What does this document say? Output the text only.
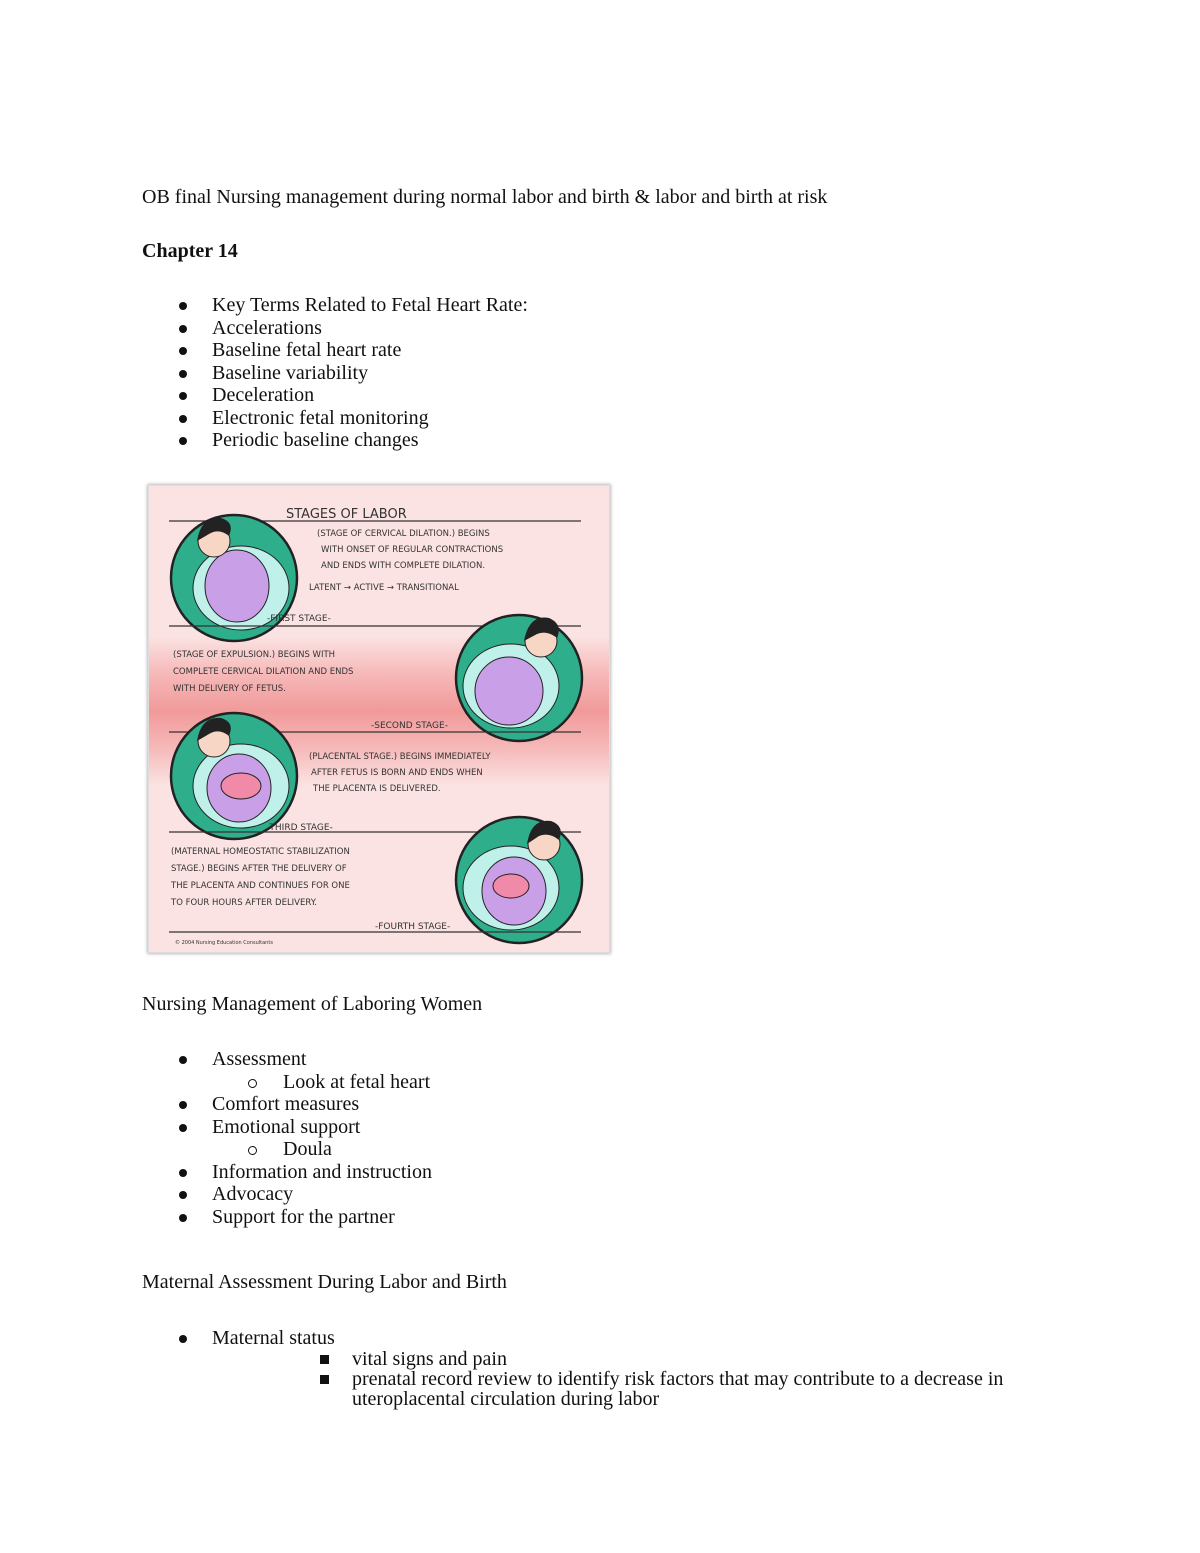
OB final Nursing management during normal labor and birth & labor and birth at risk
Chapter 14
Key Terms Related to Fetal Heart Rate:
Accelerations
Baseline fetal heart rate
Baseline variability
Deceleration
Electronic fetal monitoring
Periodic baseline changes
STAGES OF LABOR
(STAGE OF CERVICAL DILATION.) BEGINS
WITH ONSET OF REGULAR CONTRACTIONS
AND ENDS WITH COMPLETE DILATION.
LATENT → ACTIVE → TRANSITIONAL
-FIRST STAGE-
(STAGE OF EXPULSION.) BEGINS WITH
COMPLETE CERVICAL DILATION AND ENDS
WITH DELIVERY OF FETUS.
-SECOND STAGE-
(PLACENTAL STAGE.) BEGINS IMMEDIATELY
AFTER FETUS IS BORN AND ENDS WHEN
THE PLACENTA IS DELIVERED.
-THIRD STAGE-
(MATERNAL HOMEOSTATIC STABILIZATION
STAGE.) BEGINS AFTER THE DELIVERY OF
THE PLACENTA AND CONTINUES FOR ONE
TO FOUR HOURS AFTER DELIVERY.
-FOURTH STAGE-
© 2004 Nursing Education Consultants
Nursing Management of Laboring Women
Assessment
Look at fetal heart
Comfort measures
Emotional support
Doula
Information and instruction
Advocacy
Support for the partner
Maternal Assessment During Labor and Birth
Maternal status
vital signs and pain
prenatal record review to identify risk factors that may contribute to a decrease in uteroplacental circulation during labor
